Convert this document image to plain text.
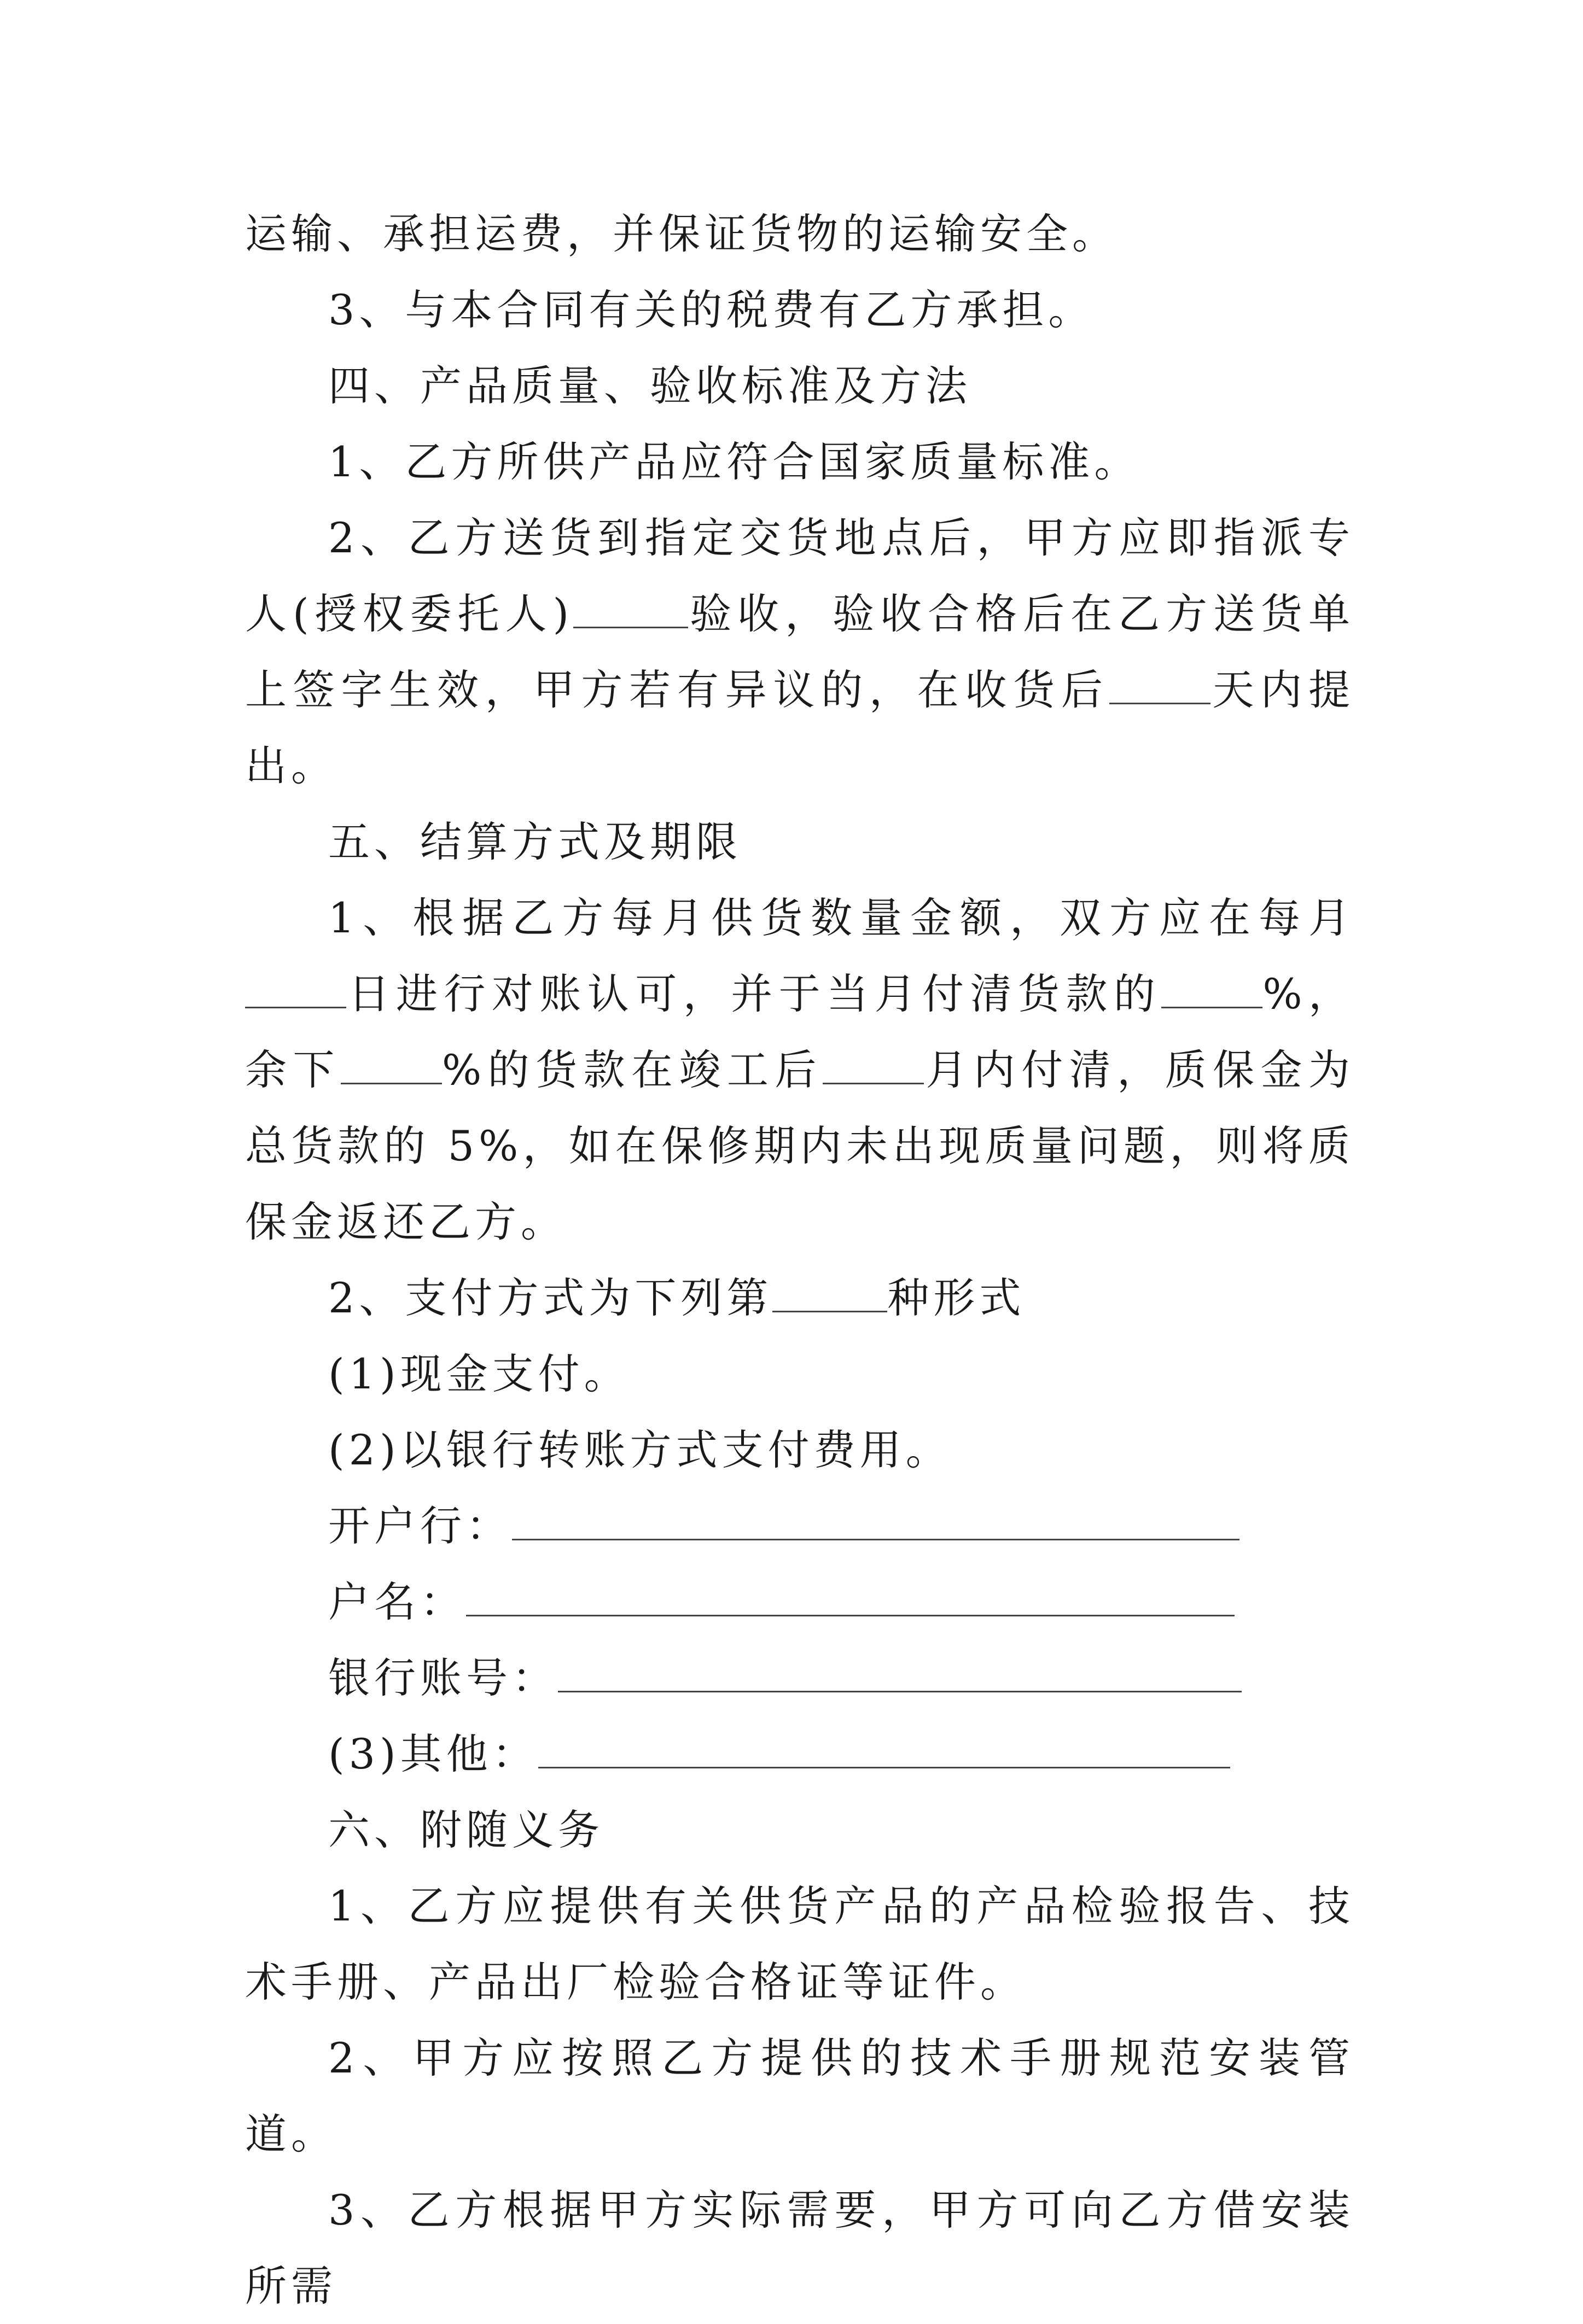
运输、承担运费，并保证货物的运输安全。

3、与本合同有关的税费有乙方承担。

四、产品质量、验收标准及方法

1、乙方所供产品应符合国家质量标准。

2、乙方送货到指定交货地点后，甲方应即指派专人(授权委托人)	验收，验收合格后在乙方送货单上签字生效，甲方若有异议的，在收货后 天内提出。

五、结算方式及期限

1、根据乙方每月供货数量金额，双方应在每月日进行对账认可，并于当月付清货款的 %，余下 %的货款在竣工后 月内付清，质保金为总货款的 5%，如在保修期内未出现质量问题，则将质保金返还乙方。

2、支付方式为下列第	种形式

(1)现金支付。

(2)以银行转账方式支付费用。

开户行：
户名：
银行账号：
(3)其他：

六、附随义务

1、乙方应提供有关供货产品的产品检验报告、技术手册、产品出厂检验合格证等证件。

2、甲方应按照乙方提供的技术手册规范安装管道。

3、乙方根据甲方实际需要，甲方可向乙方借安装所需
